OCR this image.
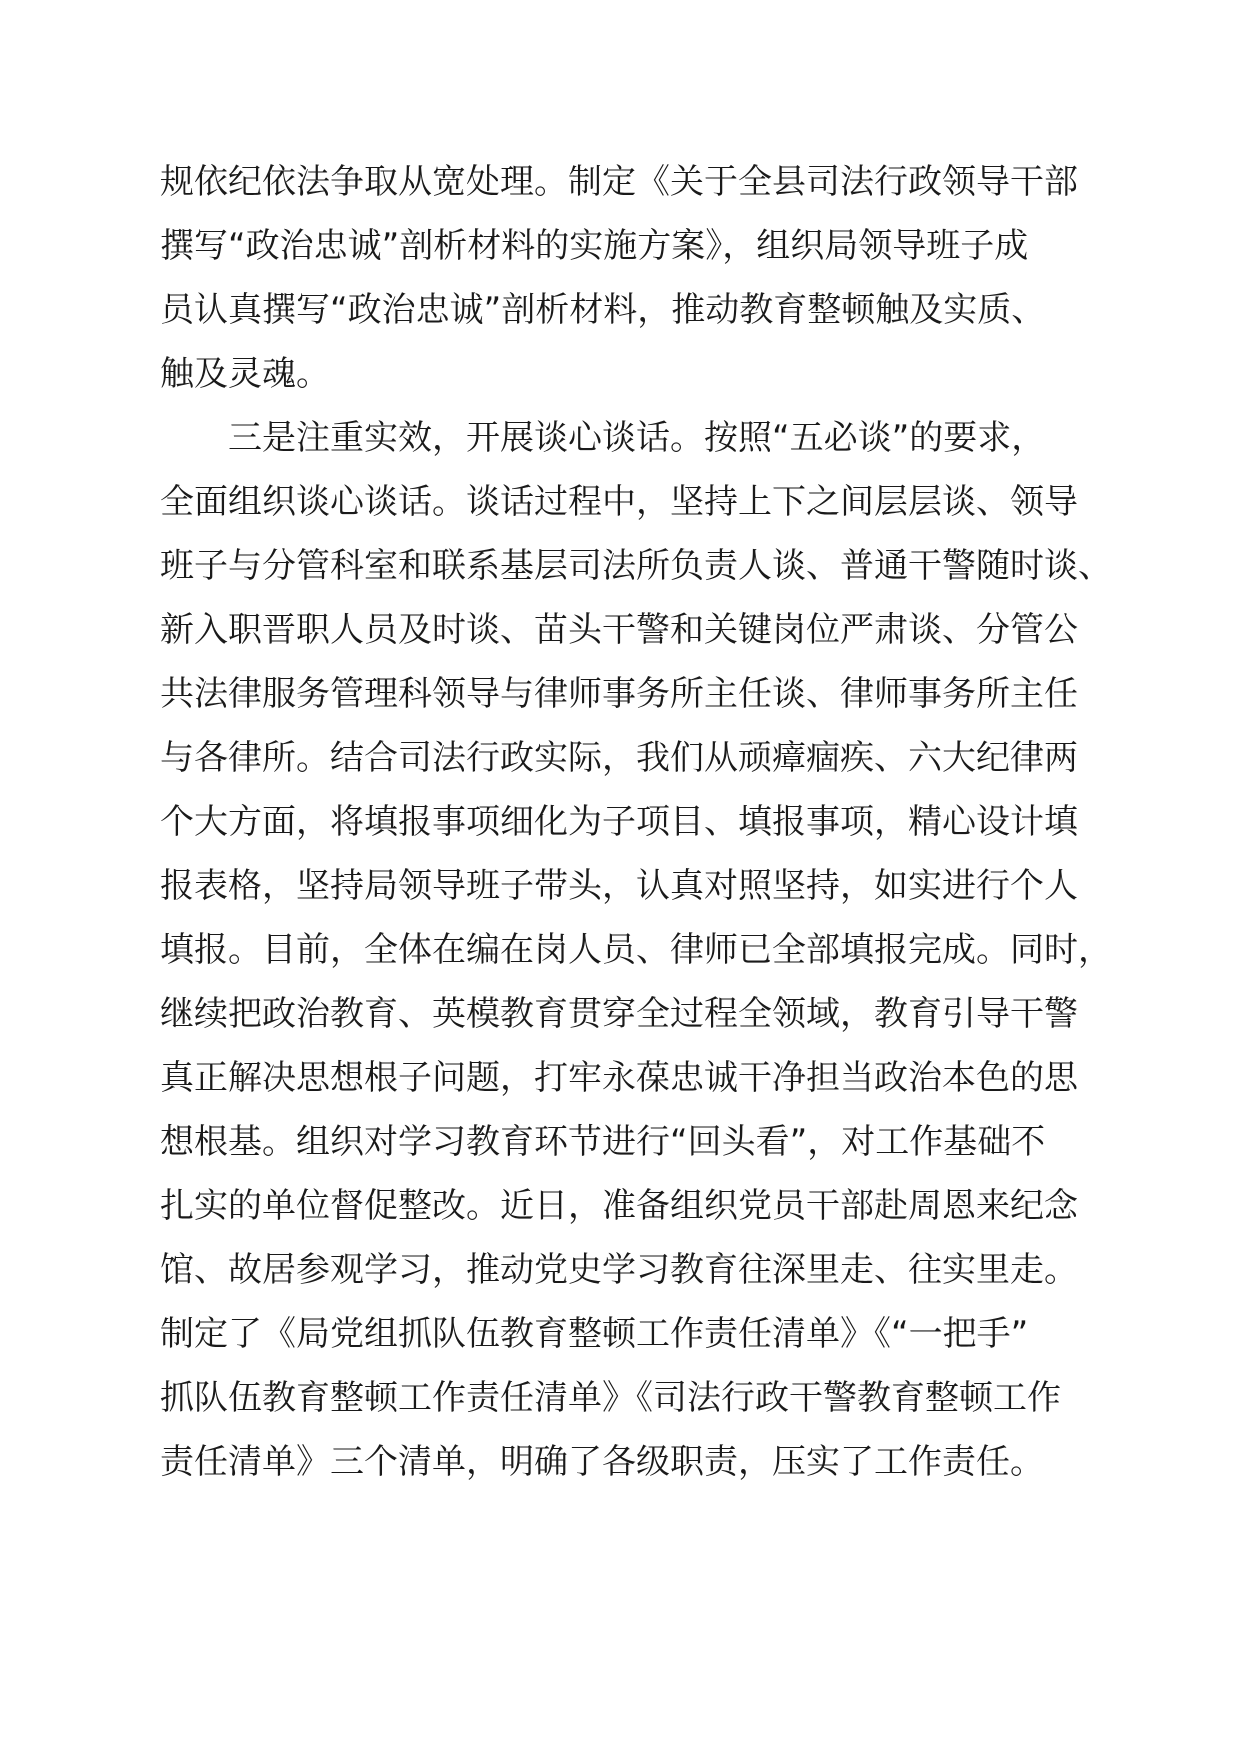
规依纪依法争取从宽处理。制定《关于全县司法行政领导干部
撰写“政治忠诚”剖析材料的实施方案》，组织局领导班子成
员认真撰写“政治忠诚”剖析材料，推动教育整顿触及实质、
触及灵魂。
　　三是注重实效，开展谈心谈话。按照“五必谈”的要求，
全面组织谈心谈话。谈话过程中，坚持上下之间层层谈、领导
班子与分管科室和联系基层司法所负责人谈、普通干警随时谈、
新入职晋职人员及时谈、苗头干警和关键岗位严肃谈、分管公
共法律服务管理科领导与律师事务所主任谈、律师事务所主任
与各律所。结合司法行政实际，我们从顽瘴痼疾、六大纪律两
个大方面，将填报事项细化为子项目、填报事项，精心设计填
报表格，坚持局领导班子带头，认真对照坚持，如实进行个人
填报。目前，全体在编在岗人员、律师已全部填报完成。同时，
继续把政治教育、英模教育贯穿全过程全领域，教育引导干警
真正解决思想根子问题，打牢永葆忠诚干净担当政治本色的思
想根基。组织对学习教育环节进行“回头看”，对工作基础不
扎实的单位督促整改。近日，准备组织党员干部赴周恩来纪念
馆、故居参观学习，推动党史学习教育往深里走、往实里走。
制定了《局党组抓队伍教育整顿工作责任清单》《“一把手”
抓队伍教育整顿工作责任清单》《司法行政干警教育整顿工作
责任清单》三个清单，明确了各级职责，压实了工作责任。
